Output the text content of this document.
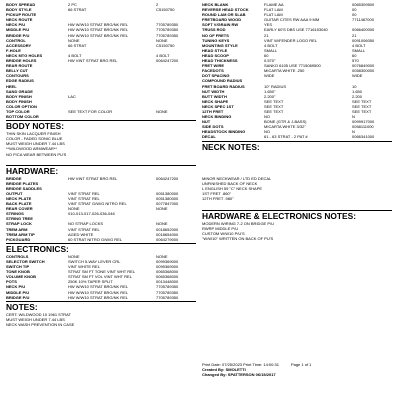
BODY SPREAD	2 PC	2
BODY STYLE	66 STRAT	C5150750
PICKUP ROUTE
NECK ROUTE
NECK P/U	HW W/W10 STRAT BRG/NK REL	7705789350
MIDDLE P/U	HW W/W10 STRAT BRG/NK REL	7705789350
BRIDGE P/U	HW W/W10 STRAT BRG/NK REL	7705789350
CONTROL	NONE	NONE
ACCESSORY	66 STRAT	C5150750
F-HOLE
NECK MTG HOLES	4 BOLT	4 BOLT
BRIDGE HOLES	HW VINT STRAT BRG REL	0064247200
REAR ROUTE
BELLY CUT
CONTOURS
EDGE RADIUS
HEEL
SAND GRADE
BODY FINISH	LAC
BODY FINISH
COLOR OPTION
TOP COLOR	SEE TEXT FOR COLOR	NONE
BOTTOM COLOR
BODY NOTES:
THIN SKIN LACQUER FINISH
COLOR - FADED SONIC BLUE
MUST WEIGH UNDER 7.44 LBS
**WILDWOOD ARMWEAR**
NO P/CA WEAR BETWEEN PU'S
HARDWARE:
BRIDGE	HW VINT STRAT BRG REL	0064247200
BRIDGE PLATES
BRIDGE SADDLES
OUTPUT	VINT STRAT REL	0051380000
NECK PLATE	VINT STRAT REL	0051380000
BACK PLATE	VINT STRAT G/W/G NITRO REL	0077847000
REAR COVER	NONE	NONE
STRINGS	010-013-017-026-036-046
STRING TREE
STRAP LOCK	NO STRAP LOCKS	NONE
TREM ARM	VINT STRAT REL	0018652000
TREM ARM TIP	AGED WHITE	0018654000
PICKGUARD	60 STRAT NITRO G/W/G REL	0064279000
ELECTRONICS:
CONTROLS	NONE	NONE
SELECTOR SWITCH	SWITCH 5-WAY LEVER CRL	0099369000
SWITCH TIP	VINT WHITE REL	0099369000
TONE KNOB	STRAT SM FT TONE VINT WHT REL	0065368000
VOLUME KNOB	STRAT SM FT VOL VINT WHT REL	0065368000
POTS	250K 10% TAPER SPLIT	0013448000
NECK P/U	HW W/W10 STRAT BRG/NK REL	7705789350
MIDDLE P/U	HW W/W10 STRAT BRG/NK REL	7705789350
BRIDGE P/U	HW W/W10 STRAT BRG/NK REL	7705789350
NOTES:
CERT: WILDWOOD 10 1961 STRAT
MUST WEIGH UNDER 7.44 LBS
NECK WASH PREVENTION IN CASE
NECK BLANK	FLAME AA	0065309500
REVERSE HEAD STOCK	FLAT LAM	00
ROUND LAM OR SLAB	FLAT LAM	00
FRETBOARD WOOD	GUITAR CITES RW AAA 9 MM	7711467000
SOFT V/GRAIN RW	YES
TRUSS ROD	EARLY 60'S DBS USE 7716153040	0066400000
NO OF FRETS	21	21
TUNING KEYS	VINT W/FENDER LOGO REL	0091006050
MOUNTING STYLE	4 BOLT	4 BOLT
HEAD STYLE	SMALL	SMALL
HEAD SCOOP	60	60
HEAD THICKNESS	0.570"	570
FRET WIRE	SANKO 6105 USE 7715069500	0076849000
FACEDOTS	MICARTA WHITE .250	0058300000
DOT SPACING	WIDE	WIDE
COMPOUND RADIUS
FRET BOARD RADIUS	10" RADIUS	10
NUT WIDTH	1.650"	1.650
BUTT WIDTH	2.200"	2.200
NECK SHAPE	SEE TEXT	SEE TEXT
NECK SPEC 1ST	SEE TEXT	SEE TEXT
12TH FRET	SEE TEXT	SEE TEXT
NECK BINDING	NO	N
NUT	BONE (GTR & J-BASS)	0099917000
SIDE DOTS	MICARTA WHITE 3/32"	0058111000
HEADSTOCK BINDING	NO	N
DECAL	61 - 63 STRAT - 2 PAT #	0066341000
NECK NOTES:
MINOR NECKWEAR / LTD ED DECAL
UNFINISHED BACK OF NECK
L ENGLISH 59 "C" NECK SHAPE
1ST FRET .860"
12TH FRET .980"
HARDWARE & ELECTRONICS NOTES:
MODERN WIRING 7-2 ON BRIDGE P/U
RWRP MIDDLE P/U
CUSTOM W/W10 P/U'S
"W/W10" WRITTEN ON BACK OF PU'S
Print Date: 07/25/2023 Print Time: 14:00:31	Page 1 of 1
Created By: SMOLETTI
Changed By: SPATTERSON 06/15/2017
